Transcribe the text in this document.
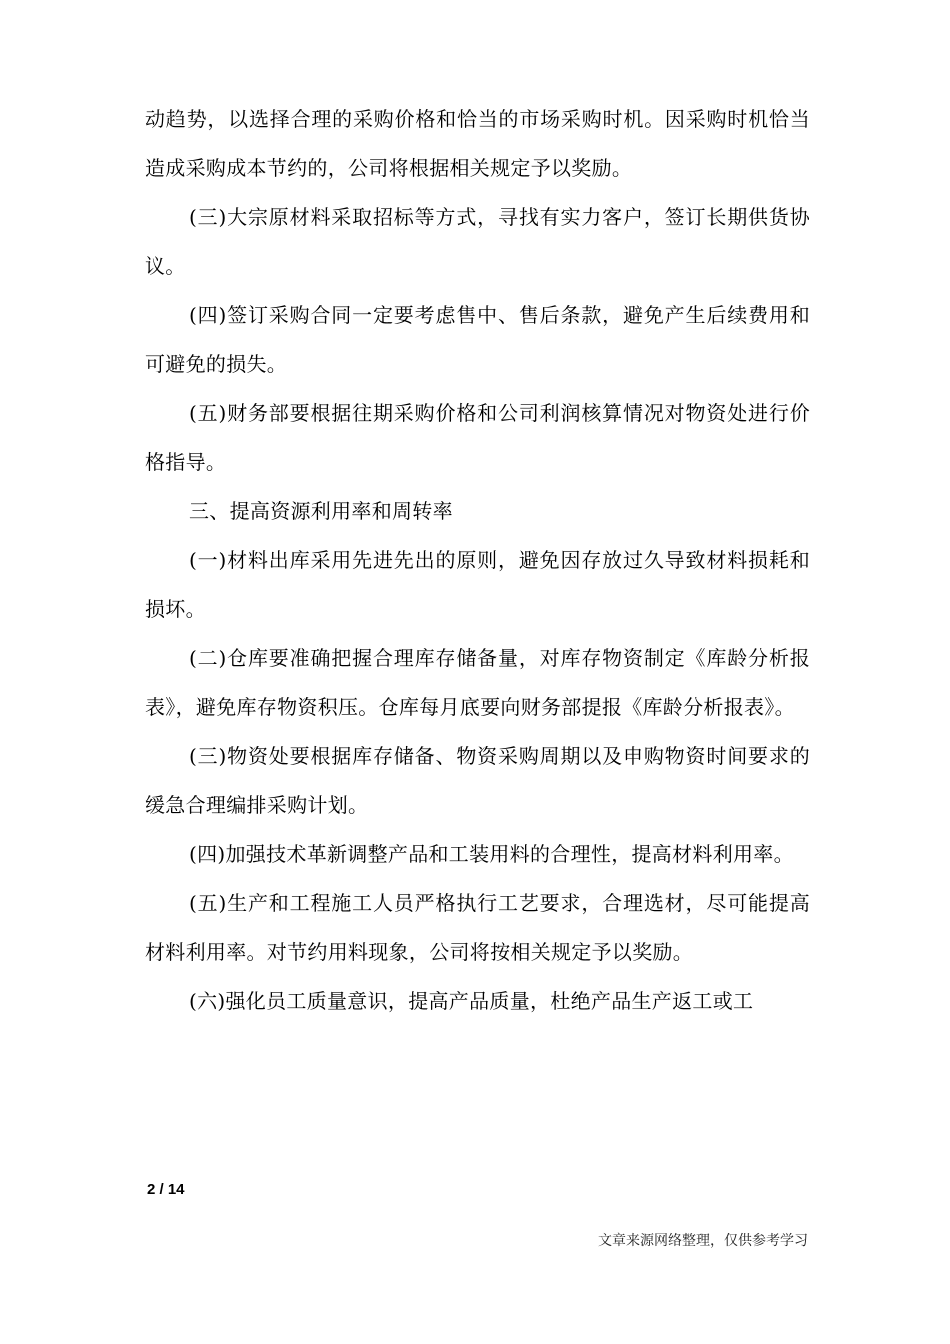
动趋势，以选择合理的采购价格和恰当的市场采购时机。因采购时机恰当造成采购成本节约的，公司将根据相关规定予以奖励。

(三)大宗原材料采取招标等方式，寻找有实力客户，签订长期供货协议。

(四)签订采购合同一定要考虑售中、售后条款，避免产生后续费用和可避免的损失。

(五)财务部要根据往期采购价格和公司利润核算情况对物资处进行价格指导。

三、提高资源利用率和周转率

(一)材料出库采用先进先出的原则，避免因存放过久导致材料损耗和损坏。

(二)仓库要准确把握合理库存储备量，对库存物资制定《库龄分析报表》，避免库存物资积压。仓库每月底要向财务部提报《库龄分析报表》。

(三)物资处要根据库存储备、物资采购周期以及申购物资时间要求的缓急合理编排采购计划。

(四)加强技术革新调整产品和工装用料的合理性，提高材料利用率。

(五)生产和工程施工人员严格执行工艺要求，合理选材，尽可能提高材料利用率。对节约用料现象，公司将按相关规定予以奖励。

(六)强化员工质量意识，提高产品质量，杜绝产品生产返工或工

2 / 14
文章来源网络整理，仅供参考学习
